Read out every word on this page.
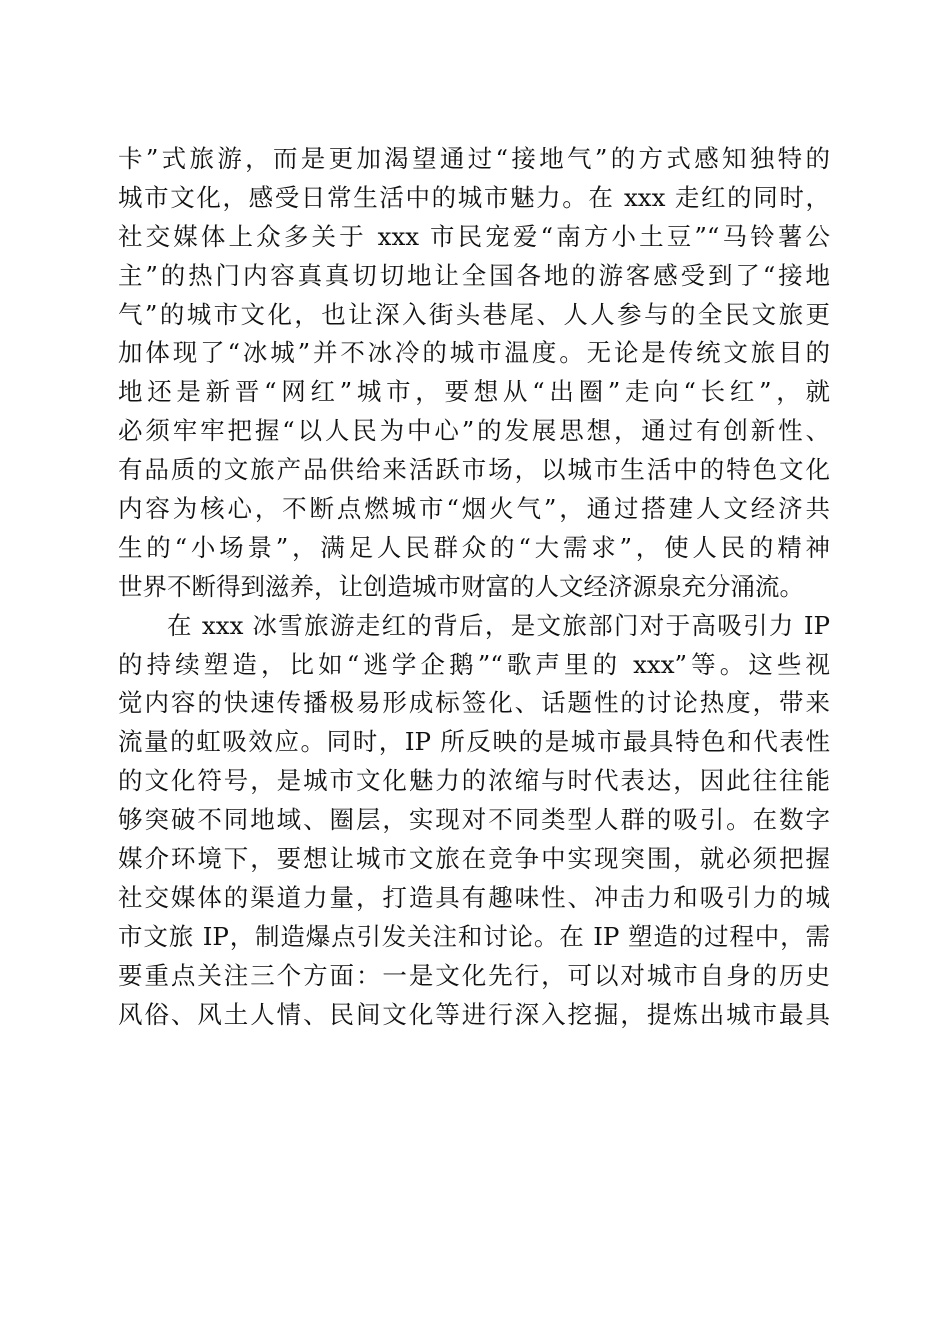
卡”式旅游，而是更加渴望通过“接地气”的方式感知独特的
城市文化，感受日常生活中的城市魅力。在 xxx 走红的同时，
社交媒体上众多关于 xxx 市民宠爱“南方小土豆”“马铃薯公
主”的热门内容真真切切地让全国各地的游客感受到了“接地
气”的城市文化，也让深入街头巷尾、人人参与的全民文旅更
加体现了“冰城”并不冰冷的城市温度。无论是传统文旅目的
地还是新晋“网红”城市，要想从“出圈”走向“长红”，就
必须牢牢把握“以人民为中心”的发展思想，通过有创新性、
有品质的文旅产品供给来活跃市场，以城市生活中的特色文化
内容为核心，不断点燃城市“烟火气”，通过搭建人文经济共
生的“小场景”，满足人民群众的“大需求”，使人民的精神
世界不断得到滋养，让创造城市财富的人文经济源泉充分涌流。
在 xxx 冰雪旅游走红的背后，是文旅部门对于高吸引力 IP
的持续塑造，比如“逃学企鹅”“歌声里的 xxx”等。这些视
觉内容的快速传播极易形成标签化、话题性的讨论热度，带来
流量的虹吸效应。同时，IP 所反映的是城市最具特色和代表性
的文化符号，是城市文化魅力的浓缩与时代表达，因此往往能
够突破不同地域、圈层，实现对不同类型人群的吸引。在数字
媒介环境下，要想让城市文旅在竞争中实现突围，就必须把握
社交媒体的渠道力量，打造具有趣味性、冲击力和吸引力的城
市文旅 IP，制造爆点引发关注和讨论。在 IP 塑造的过程中，需
要重点关注三个方面：一是文化先行，可以对城市自身的历史
风俗、风土人情、民间文化等进行深入挖掘，提炼出城市最具
